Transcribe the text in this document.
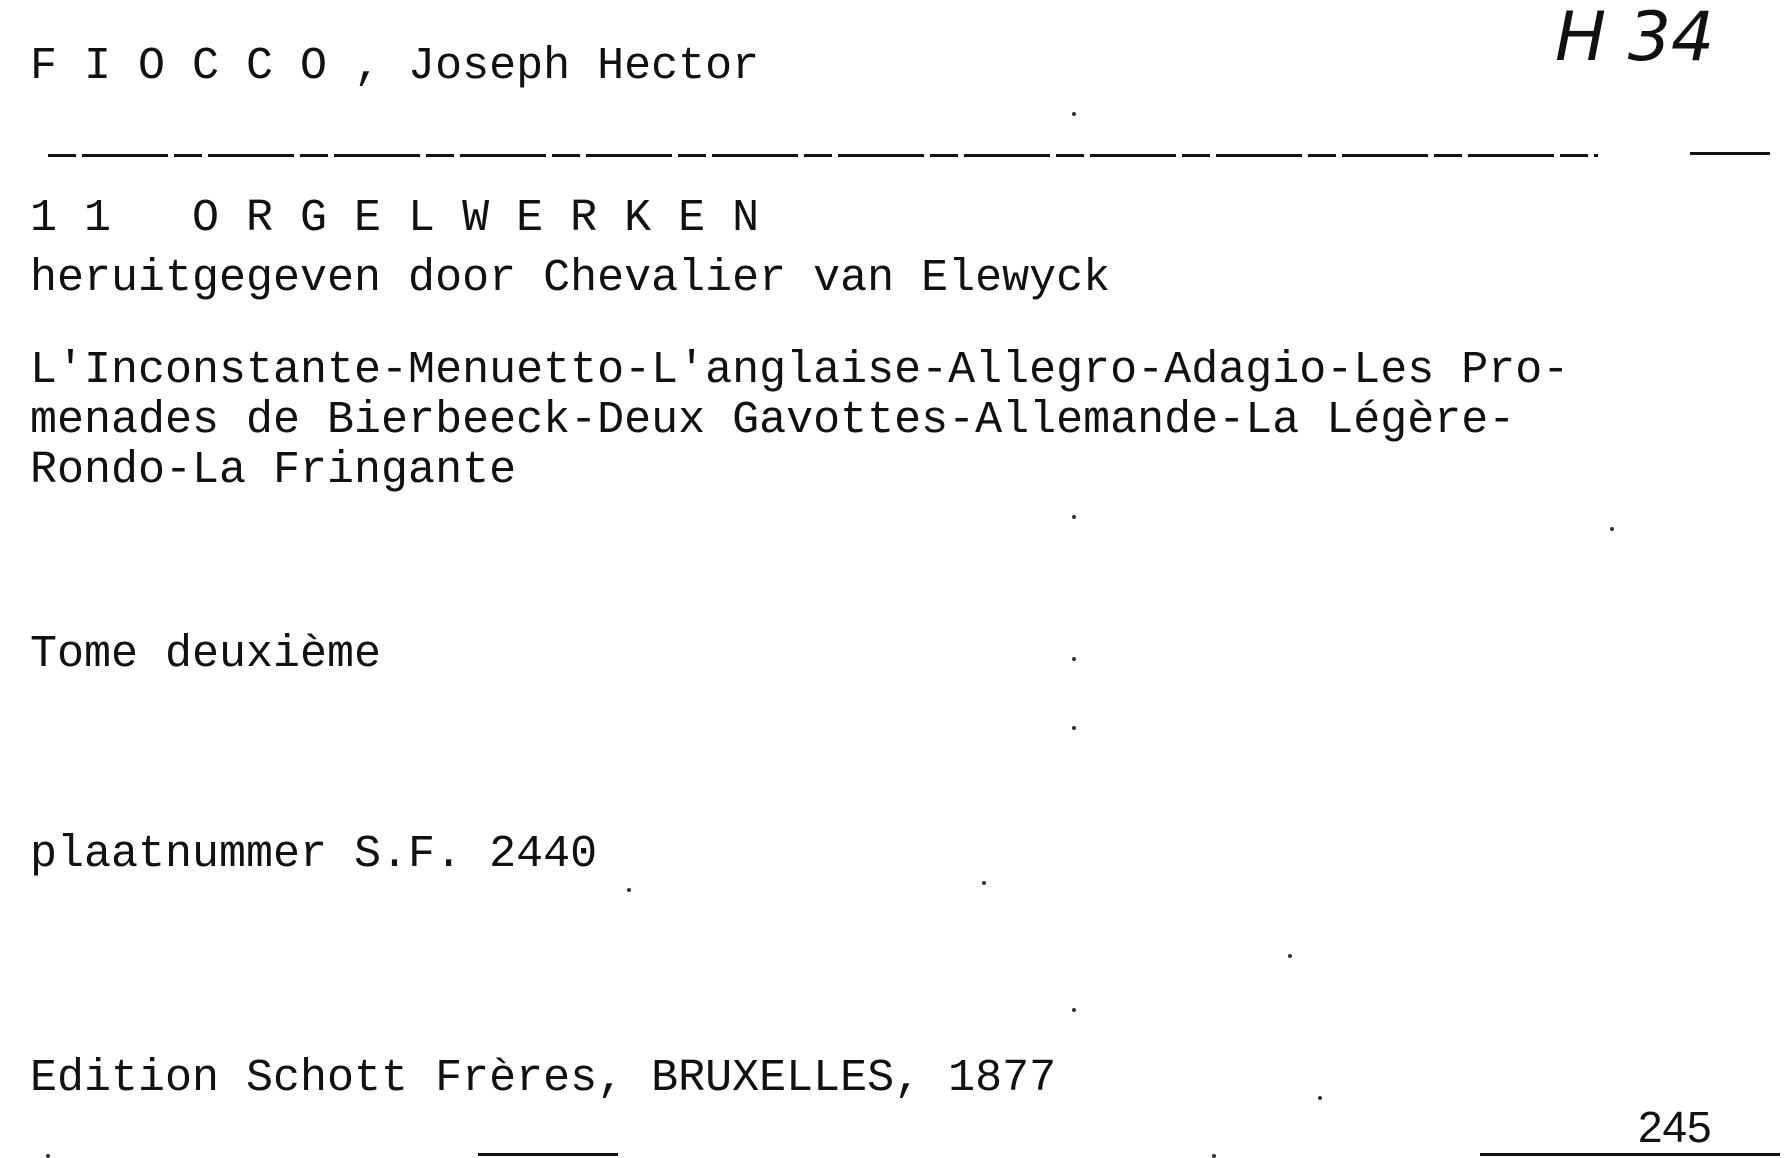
F I O C C O , Joseph Hector	H 34
1 1   O R G E L W E R K E N
heruitgegeven door Chevalier van Elewyck
L'Inconstante-Menuetto-L'anglaise-Allegro-Adagio-Les Pro-
menades de Bierbeeck-Deux Gavottes-Allemande-La Légère-
Rondo-La Fringante
Tome deuxième
plaatnummer S.F. 2440
Edition Schott Frères, BRUXELLES, 1877
245
